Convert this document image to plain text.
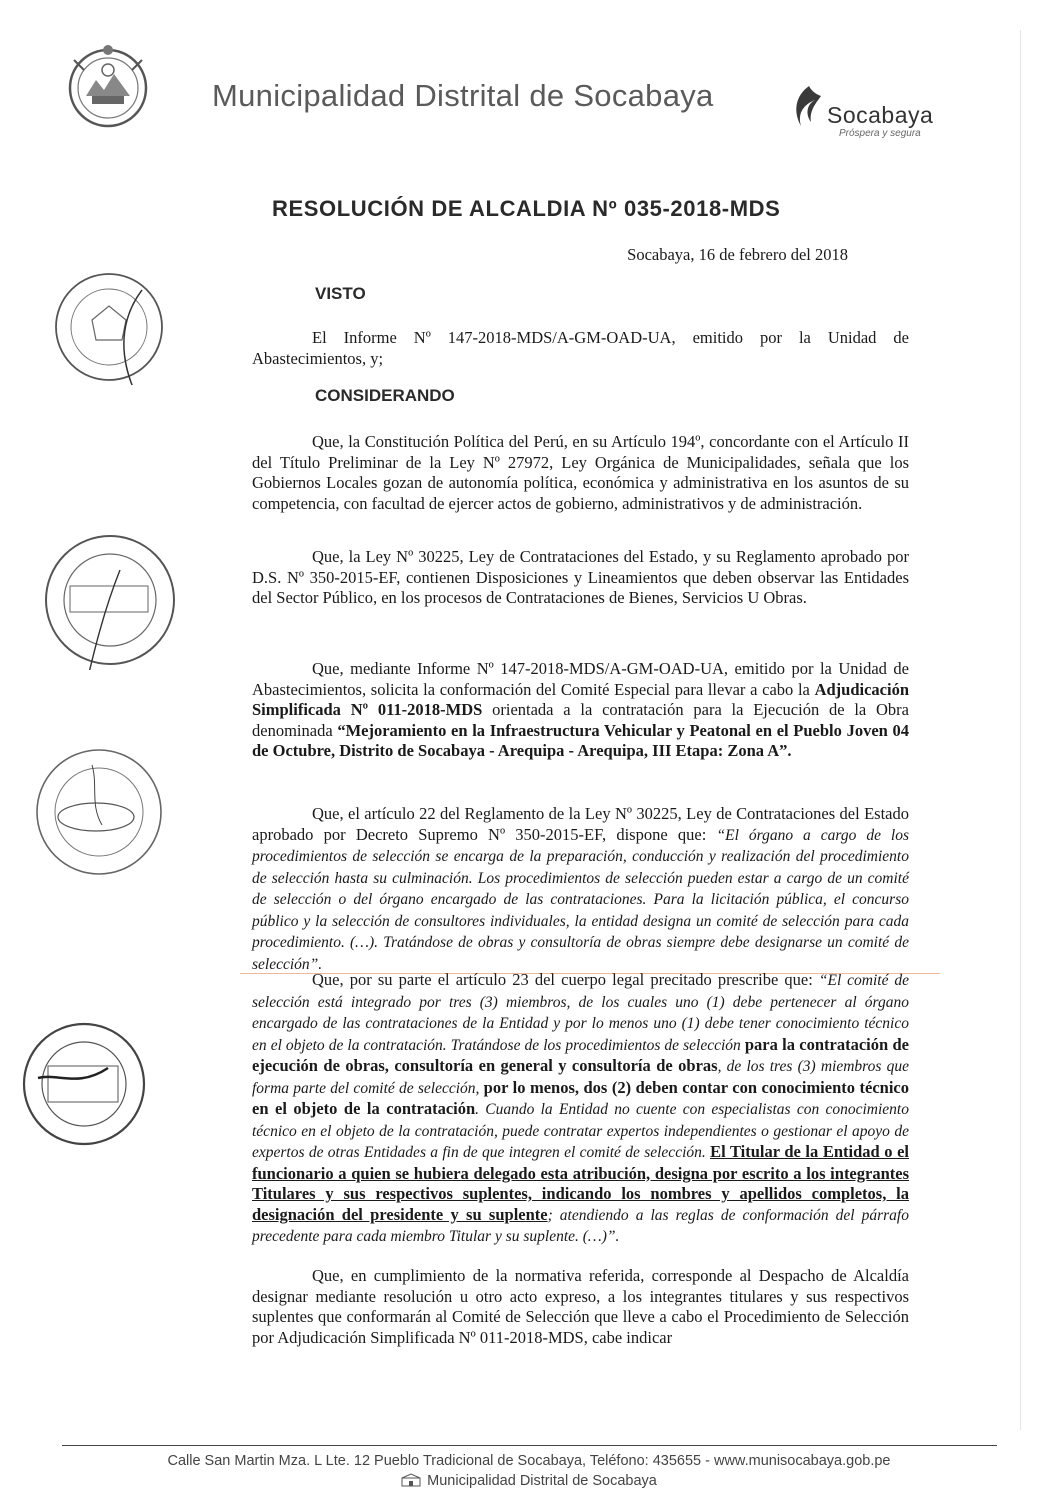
Municipalidad Distrital de Socabaya
Socabaya
Próspera y segura
RESOLUCIÓN DE ALCALDIA Nº 035-2018-MDS
Socabaya, 16 de febrero del 2018
VISTO

El Informe Nº 147-2018-MDS/A-GM-OAD-UA, emitido por la Unidad de Abastecimientos, y;

CONSIDERANDO

Que, la Constitución Política del Perú, en su Artículo 194º, concordante con el Artículo II del Título Preliminar de la Ley Nº 27972, Ley Orgánica de Municipalidades, señala que los Gobiernos Locales gozan de autonomía política, económica y administrativa en los asuntos de su competencia, con facultad de ejercer actos de gobierno, administrativos y de administración.

Que, la Ley Nº 30225, Ley de Contrataciones del Estado, y su Reglamento aprobado por D.S. Nº 350-2015-EF, contienen Disposiciones y Lineamientos que deben observar las Entidades del Sector Público, en los procesos de Contrataciones de Bienes, Servicios U Obras.

Que, mediante Informe Nº 147-2018-MDS/A-GM-OAD-UA, emitido por la Unidad de Abastecimientos, solicita la conformación del Comité Especial para llevar a cabo la Adjudicación Simplificada Nº 011-2018-MDS orientada a la contratación para la Ejecución de la Obra denominada “Mejoramiento en la Infraestructura Vehicular y Peatonal en el Pueblo Joven 04 de Octubre, Distrito de Socabaya - Arequipa - Arequipa, III Etapa: Zona A”.

Que, el artículo 22 del Reglamento de la Ley Nº 30225, Ley de Contrataciones del Estado aprobado por Decreto Supremo Nº 350-2015-EF, dispone que: “El órgano a cargo de los procedimientos de selección se encarga de la preparación, conducción y realización del procedimiento de selección hasta su culminación. Los procedimientos de selección pueden estar a cargo de un comité de selección o del órgano encargado de las contrataciones. Para la licitación pública, el concurso público y la selección de consultores individuales, la entidad designa un comité de selección para cada procedimiento. (…). Tratándose de obras y consultoría de obras siempre debe designarse un comité de selección”.

Que, por su parte el artículo 23 del cuerpo legal precitado prescribe que: “El comité de selección está integrado por tres (3) miembros, de los cuales uno (1) debe pertenecer al órgano encargado de las contrataciones de la Entidad y por lo menos uno (1) debe tener conocimiento técnico en el objeto de la contratación. Tratándose de los procedimientos de selección para la contratación de ejecución de obras, consultoría en general y consultoría de obras, de los tres (3) miembros que forma parte del comité de selección, por lo menos, dos (2) deben contar con conocimiento técnico en el objeto de la contratación. Cuando la Entidad no cuente con especialistas con conocimiento técnico en el objeto de la contratación, puede contratar expertos independientes o gestionar el apoyo de expertos de otras Entidades a fin de que integren el comité de selección. El Titular de la Entidad o el funcionario a quien se hubiera delegado esta atribución, designa por escrito a los integrantes Titulares y sus respectivos suplentes, indicando los nombres y apellidos completos, la designación del presidente y su suplente; atendiendo a las reglas de conformación del párrafo precedente para cada miembro Titular y su suplente. (…)”.

Que, en cumplimiento de la normativa referida, corresponde al Despacho de Alcaldía designar mediante resolución u otro acto expreso, a los integrantes titulares y sus respectivos suplentes que conformarán al Comité de Selección que lleve a cabo el Procedimiento de Selección por Adjudicación Simplificada Nº 011-2018-MDS, cabe indicar

Calle San Martin Mza. L Lte. 12 Pueblo Tradicional de Socabaya, Teléfono: 435655 - www.munisocabaya.gob.pe
Municipalidad Distrital de Socabaya
